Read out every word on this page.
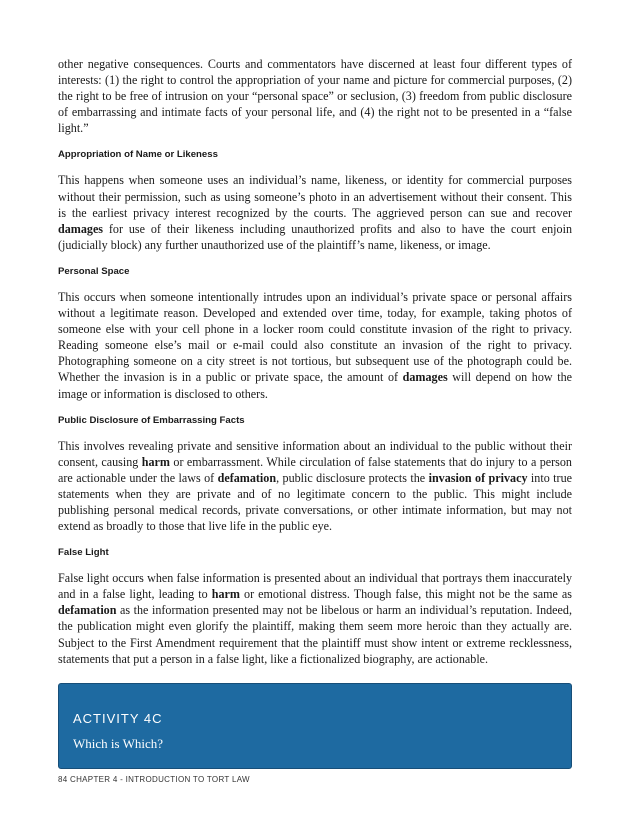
other negative consequences. Courts and commentators have discerned at least four different types of interests: (1) the right to control the appropriation of your name and picture for commercial purposes, (2) the right to be free of intrusion on your “personal space” or seclusion, (3) freedom from public disclosure of embarrassing and intimate facts of your personal life, and (4) the right not to be presented in a “false light.”

Appropriation of Name or Likeness

This happens when someone uses an individual’s name, likeness, or identity for commercial purposes without their permission, such as using someone’s photo in an advertisement without their consent. This is the earliest privacy interest recognized by the courts. The aggrieved person can sue and recover damages for use of their likeness including unauthorized profits and also to have the court enjoin (judicially block) any further unauthorized use of the plaintiff’s name, likeness, or image.

Personal Space

This occurs when someone intentionally intrudes upon an individual’s private space or personal affairs without a legitimate reason. Developed and extended over time, today, for example, taking photos of someone else with your cell phone in a locker room could constitute invasion of the right to privacy. Reading someone else’s mail or e-mail could also constitute an invasion of the right to privacy. Photographing someone on a city street is not tortious, but subsequent use of the photograph could be. Whether the invasion is in a public or private space, the amount of damages will depend on how the image or information is disclosed to others.

Public Disclosure of Embarrassing Facts

This involves revealing private and sensitive information about an individual to the public without their consent, causing harm or embarrassment. While circulation of false statements that do injury to a person are actionable under the laws of defamation, public disclosure protects the invasion of privacy into true statements when they are private and of no legitimate concern to the public. This might include publishing personal medical records, private conversations, or other intimate information, but may not extend as broadly to those that live life in the public eye.

False Light

False light occurs when false information is presented about an individual that portrays them inaccurately and in a false light, leading to harm or emotional distress. Though false, this might not be the same as defamation as the information presented may not be libelous or harm an individual’s reputation. Indeed, the publication might even glorify the plaintiff, making them seem more heroic than they actually are. Subject to the First Amendment requirement that the plaintiff must show intent or extreme recklessness, statements that put a person in a false light, like a fictionalized biography, are actionable.

ACTIVITY 4C
Which is Which?
84 CHAPTER 4 - INTRODUCTION TO TORT LAW
